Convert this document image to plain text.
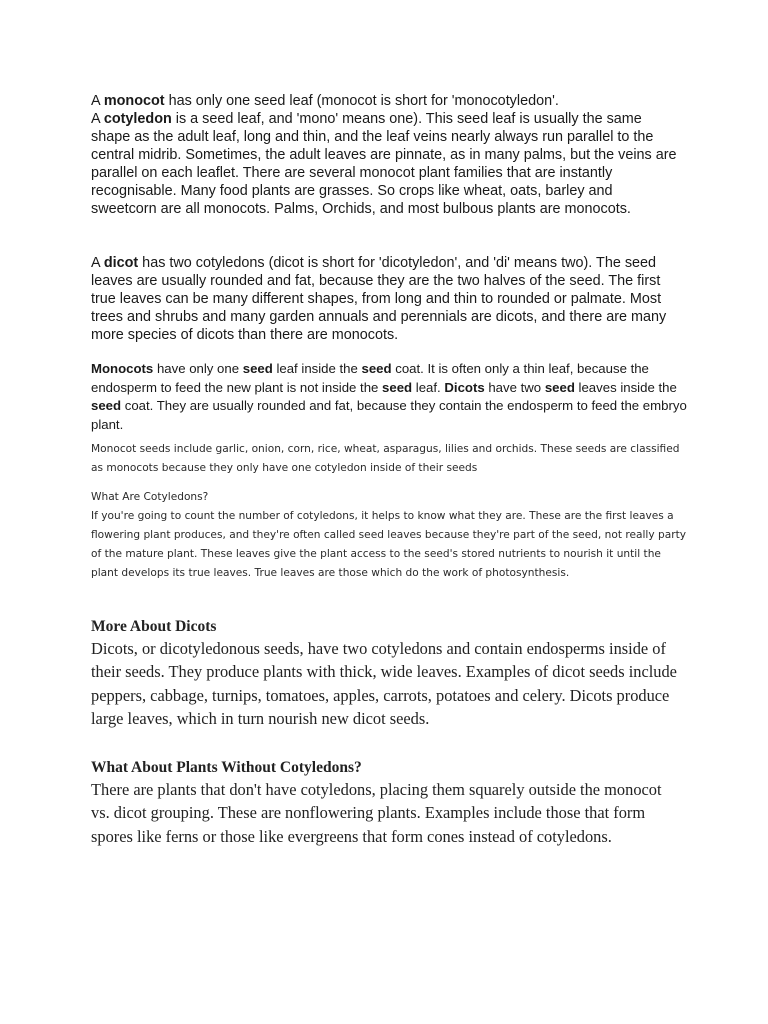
A monocot has only one seed leaf (monocot is short for 'monocotyledon'.

A cotyledon is a seed leaf, and 'mono' means one). This seed leaf is usually the same shape as the adult leaf, long and thin, and the leaf veins nearly always run parallel to the central midrib. Sometimes, the adult leaves are pinnate, as in many palms, but the veins are parallel on each leaflet. There are several monocot plant families that are instantly recognisable. Many food plants are grasses. So crops like wheat, oats, barley and sweetcorn are all monocots. Palms, Orchids, and most bulbous plants are monocots.

A dicot has two cotyledons (dicot is short for 'dicotyledon', and 'di' means two). The seed leaves are usually rounded and fat, because they are the two halves of the seed. The first true leaves can be many different shapes, from long and thin to rounded or palmate. Most trees and shrubs and many garden annuals and perennials are dicots, and there are many more species of dicots than there are monocots.

Monocots have only one seed leaf inside the seed coat. It is often only a thin leaf, because the endosperm to feed the new plant is not inside the seed leaf. Dicots have two seed leaves inside the seed coat. They are usually rounded and fat, because they contain the endosperm to feed the embryo plant.

Monocot seeds include garlic, onion, corn, rice, wheat, asparagus, lilies and orchids. These seeds are classified as monocots because they only have one cotyledon inside of their seeds

What Are Cotyledons?

If you're going to count the number of cotyledons, it helps to know what they are. These are the first leaves a flowering plant produces, and they're often called seed leaves because they're part of the seed, not really party of the mature plant. These leaves give the plant access to the seed's stored nutrients to nourish it until the plant develops its true leaves. True leaves are those which do the work of photosynthesis.

More About Dicots

Dicots, or dicotyledonous seeds, have two cotyledons and contain endosperms inside of their seeds. They produce plants with thick, wide leaves. Examples of dicot seeds include peppers, cabbage, turnips, tomatoes, apples, carrots, potatoes and celery. Dicots produce large leaves, which in turn nourish new dicot seeds.

What About Plants Without Cotyledons?

There are plants that don't have cotyledons, placing them squarely outside the monocot vs. dicot grouping. These are nonflowering plants. Examples include those that form spores like ferns or those like evergreens that form cones instead of cotyledons.
